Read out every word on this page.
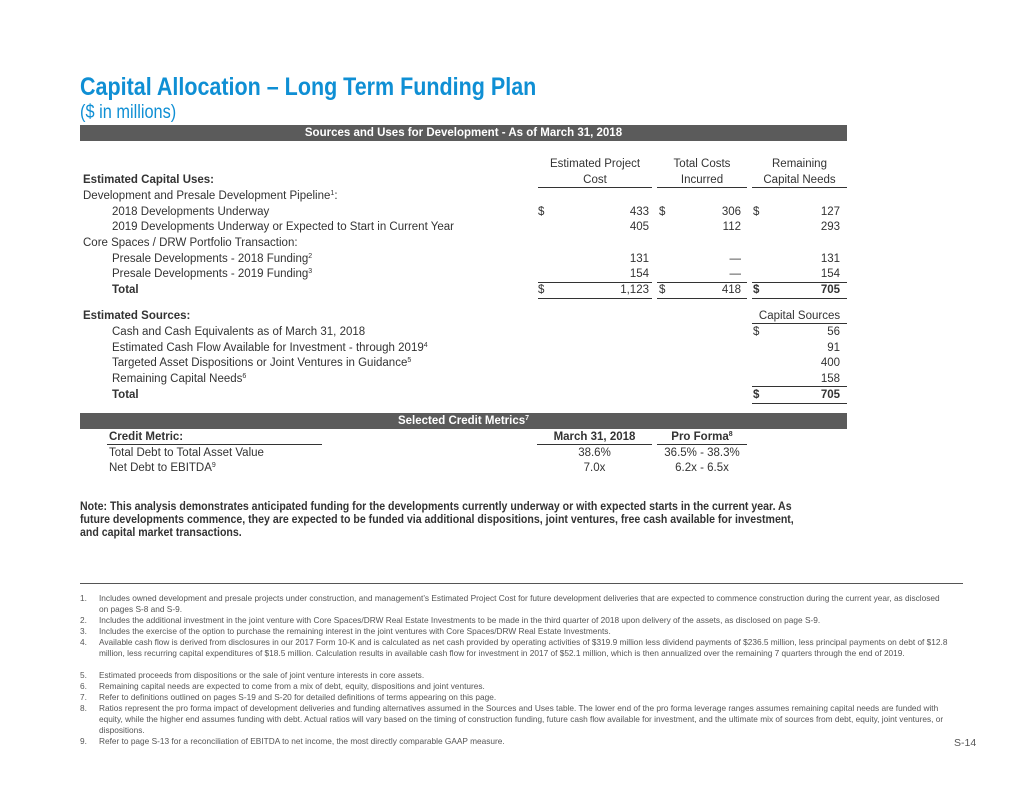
Capital Allocation – Long Term Funding Plan
($ in millions)
Sources and Uses for Development - As of March 31, 2018
Estimated Project
Cost
Total Costs
Incurred
Remaining
Capital Needs
Estimated Capital Uses:
Development and Presale Development Pipeline$^1$:
2018 Developments Underway	$	433 $	306 $	127
2019 Developments Underway or Expected to Start in Current Year	405	112	293
Core Spaces / DRW Portfolio Transaction:
Presale Developments - 2018 Funding$^2$	131	—	131
Presale Developments - 2019 Funding$^3$	154	—	154
Total	$	1,123 $	418 $	705
Estimated Sources:	Capital Sources
Cash and Cash Equivalents as of March 31, 2018	$	56
Estimated Cash Flow Available for Investment - through 2019$^4$	91
Targeted Asset Dispositions or Joint Ventures in Guidance$^5$	400
Remaining Capital Needs$^6$	158
Total	$	705
Selected Credit Metrics$^7$
Credit Metric:	March 31, 2018	Pro Forma$^8$
Total Debt to Total Asset Value	38.6%	36.5% - 38.3%
Net Debt to EBITDA$^9$	7.0x	6.2x - 6.5x
Note: This analysis demonstrates anticipated funding for the developments currently underway or with expected starts in the current year. As future developments commence, they are expected to be funded via additional dispositions, joint ventures, free cash available for investment, and capital market transactions.
1. Includes owned development and presale projects under construction, and management’s Estimated Project Cost for future development deliveries that are expected to commence construction during the current year, as disclosed on pages S-8 and S-9.
2. Includes the additional investment in the joint venture with Core Spaces/DRW Real Estate Investments to be made in the third quarter of 2018 upon delivery of the assets, as disclosed on page S-9.
3. Includes the exercise of the option to purchase the remaining interest in the joint ventures with Core Spaces/DRW Real Estate Investments.
4. Available cash flow is derived from disclosures in our 2017 Form 10-K and is calculated as net cash provided by operating activities of $319.9 million less dividend payments of $236.5 million, less principal payments on debt of $12.8 million, less recurring capital expenditures of $18.5 million. Calculation results in available cash flow for investment in 2017 of $52.1 million, which is then annualized over the remaining 7 quarters through the end of 2019.
5. Estimated proceeds from dispositions or the sale of joint venture interests in core assets.
6. Remaining capital needs are expected to come from a mix of debt, equity, dispositions and joint ventures.
7. Refer to definitions outlined on pages S-19 and S-20 for detailed definitions of terms appearing on this page.
8. Ratios represent the pro forma impact of development deliveries and funding alternatives assumed in the Sources and Uses table. The lower end of the pro forma leverage ranges assumes remaining capital needs are funded with equity, while the higher end assumes funding with debt. Actual ratios will vary based on the timing of construction funding, future cash flow available for investment, and the ultimate mix of sources from debt, equity, joint ventures, or dispositions.
9. Refer to page S-13 for a reconciliation of EBITDA to net income, the most directly comparable GAAP measure.	S-14
